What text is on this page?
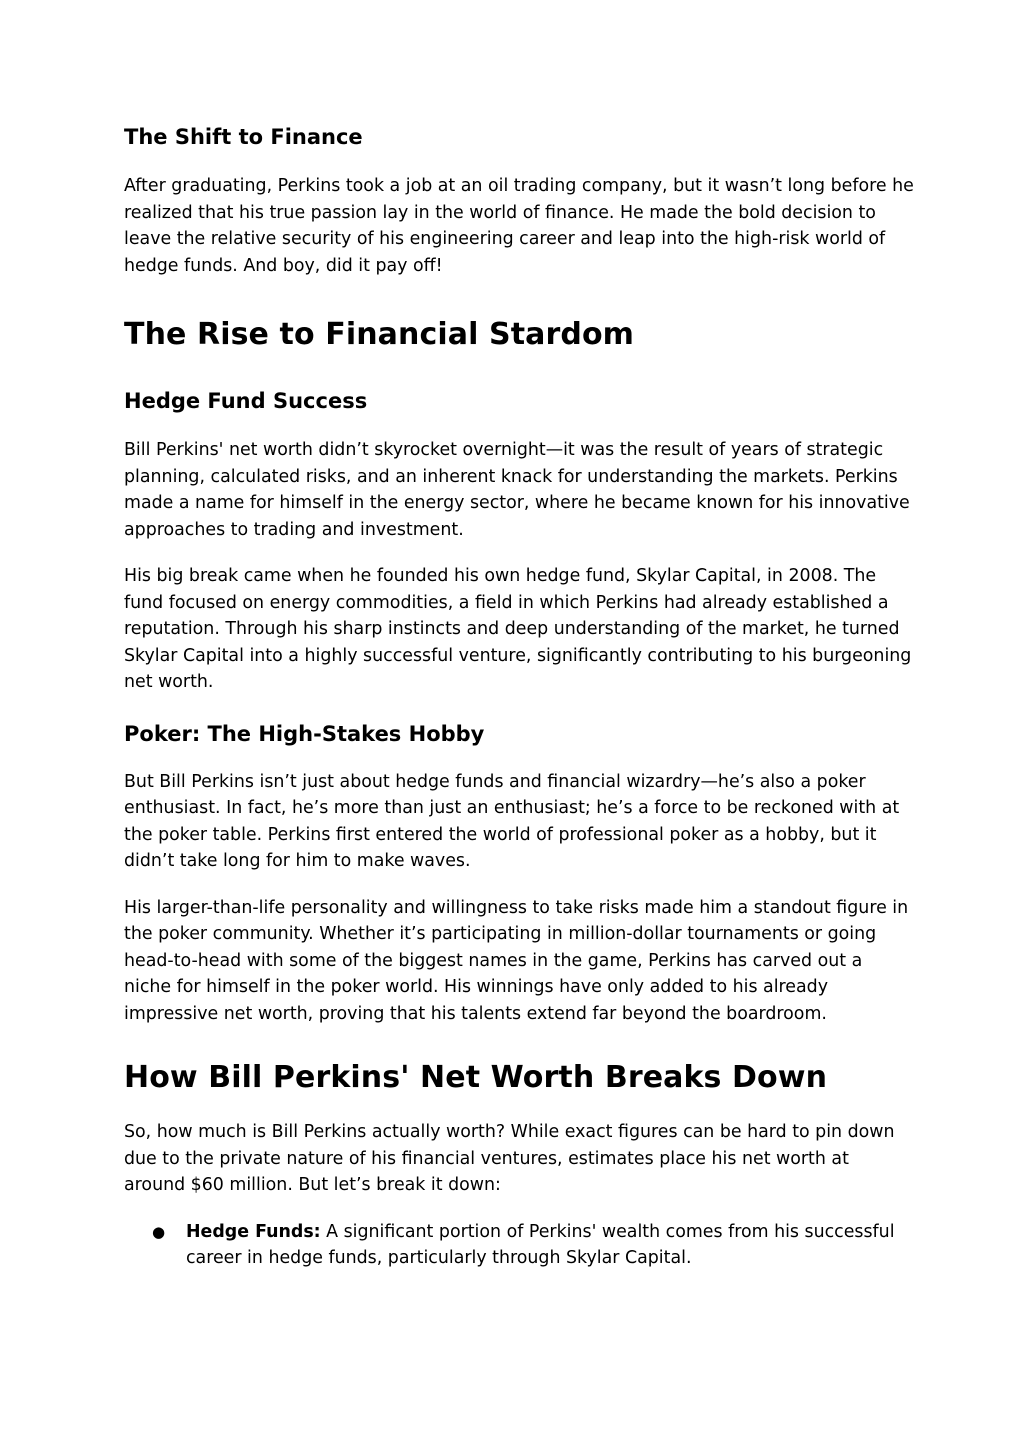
The Shift to Finance

After graduating, Perkins took a job at an oil trading company, but it wasn’t long before he realized that his true passion lay in the world of finance. He made the bold decision to leave the relative security of his engineering career and leap into the high-risk world of hedge funds. And boy, did it pay off!

The Rise to Financial Stardom
Hedge Fund Success

Bill Perkins' net worth didn’t skyrocket overnight—it was the result of years of strategic planning, calculated risks, and an inherent knack for understanding the markets. Perkins made a name for himself in the energy sector, where he became known for his innovative approaches to trading and investment.

His big break came when he founded his own hedge fund, Skylar Capital, in 2008. The fund focused on energy commodities, a field in which Perkins had already established a reputation. Through his sharp instincts and deep understanding of the market, he turned Skylar Capital into a highly successful venture, significantly contributing to his burgeoning net worth.

Poker: The High-Stakes Hobby

But Bill Perkins isn’t just about hedge funds and financial wizardry—he’s also a poker enthusiast. In fact, he’s more than just an enthusiast; he’s a force to be reckoned with at the poker table. Perkins first entered the world of professional poker as a hobby, but it didn’t take long for him to make waves.

His larger-than-life personality and willingness to take risks made him a standout figure in the poker community. Whether it’s participating in million-dollar tournaments or going head-to-head with some of the biggest names in the game, Perkins has carved out a niche for himself in the poker world. His winnings have only added to his already impressive net worth, proving that his talents extend far beyond the boardroom.

How Bill Perkins' Net Worth Breaks Down

So, how much is Bill Perkins actually worth? While exact figures can be hard to pin down due to the private nature of his financial ventures, estimates place his net worth at around $60 million. But let’s break it down:

● Hedge Funds: A significant portion of Perkins' wealth comes from his successful career in hedge funds, particularly through Skylar Capital.
